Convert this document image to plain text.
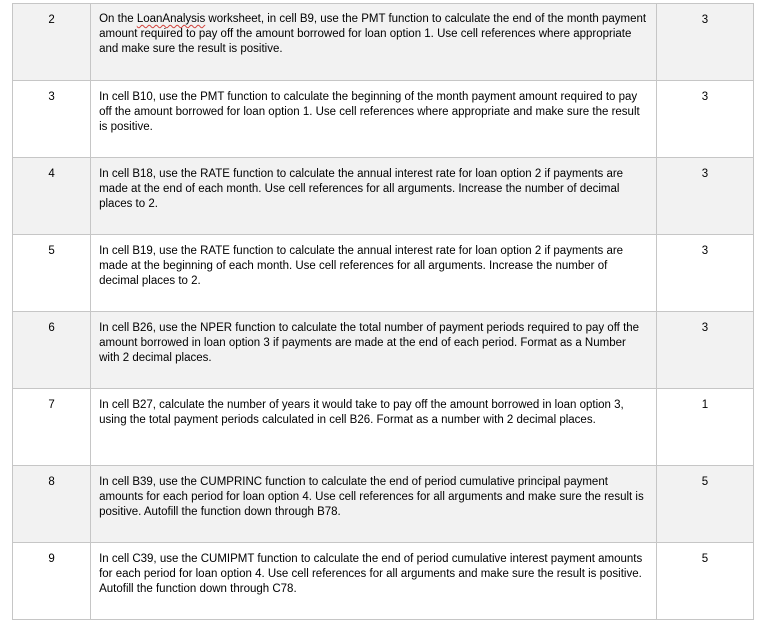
2	On the LoanAnalysis worksheet, in cell B9, use the PMT function to calculate the end of the month payment amount required to pay off the amount borrowed for loan option 1. Use cell references where appropriate and make sure the result is positive.	3
3	In cell B10, use the PMT function to calculate the beginning of the month payment amount required to pay off the amount borrowed for loan option 1. Use cell references where appropriate and make sure the result is positive.	3
4	In cell B18, use the RATE function to calculate the annual interest rate for loan option 2 if payments are made at the end of each month. Use cell references for all arguments. Increase the number of decimal places to 2.	3
5	In cell B19, use the RATE function to calculate the annual interest rate for loan option 2 if payments are made at the beginning of each month. Use cell references for all arguments. Increase the number of decimal places to 2.	3
6	In cell B26, use the NPER function to calculate the total number of payment periods required to pay off the amount borrowed in loan option 3 if payments are made at the end of each period. Format as a Number with 2 decimal places.	3
7	In cell B27, calculate the number of years it would take to pay off the amount borrowed in loan option 3, using the total payment periods calculated in cell B26. Format as a number with 2 decimal places.	1
8	In cell B39, use the CUMPRINC function to calculate the end of period cumulative principal payment amounts for each period for loan option 4. Use cell references for all arguments and make sure the result is positive. Autofill the function down through B78.	5
9	In cell C39, use the CUMIPMT function to calculate the end of period cumulative interest payment amounts for each period for loan option 4. Use cell references for all arguments and make sure the result is positive. Autofill the function down through C78.	5
